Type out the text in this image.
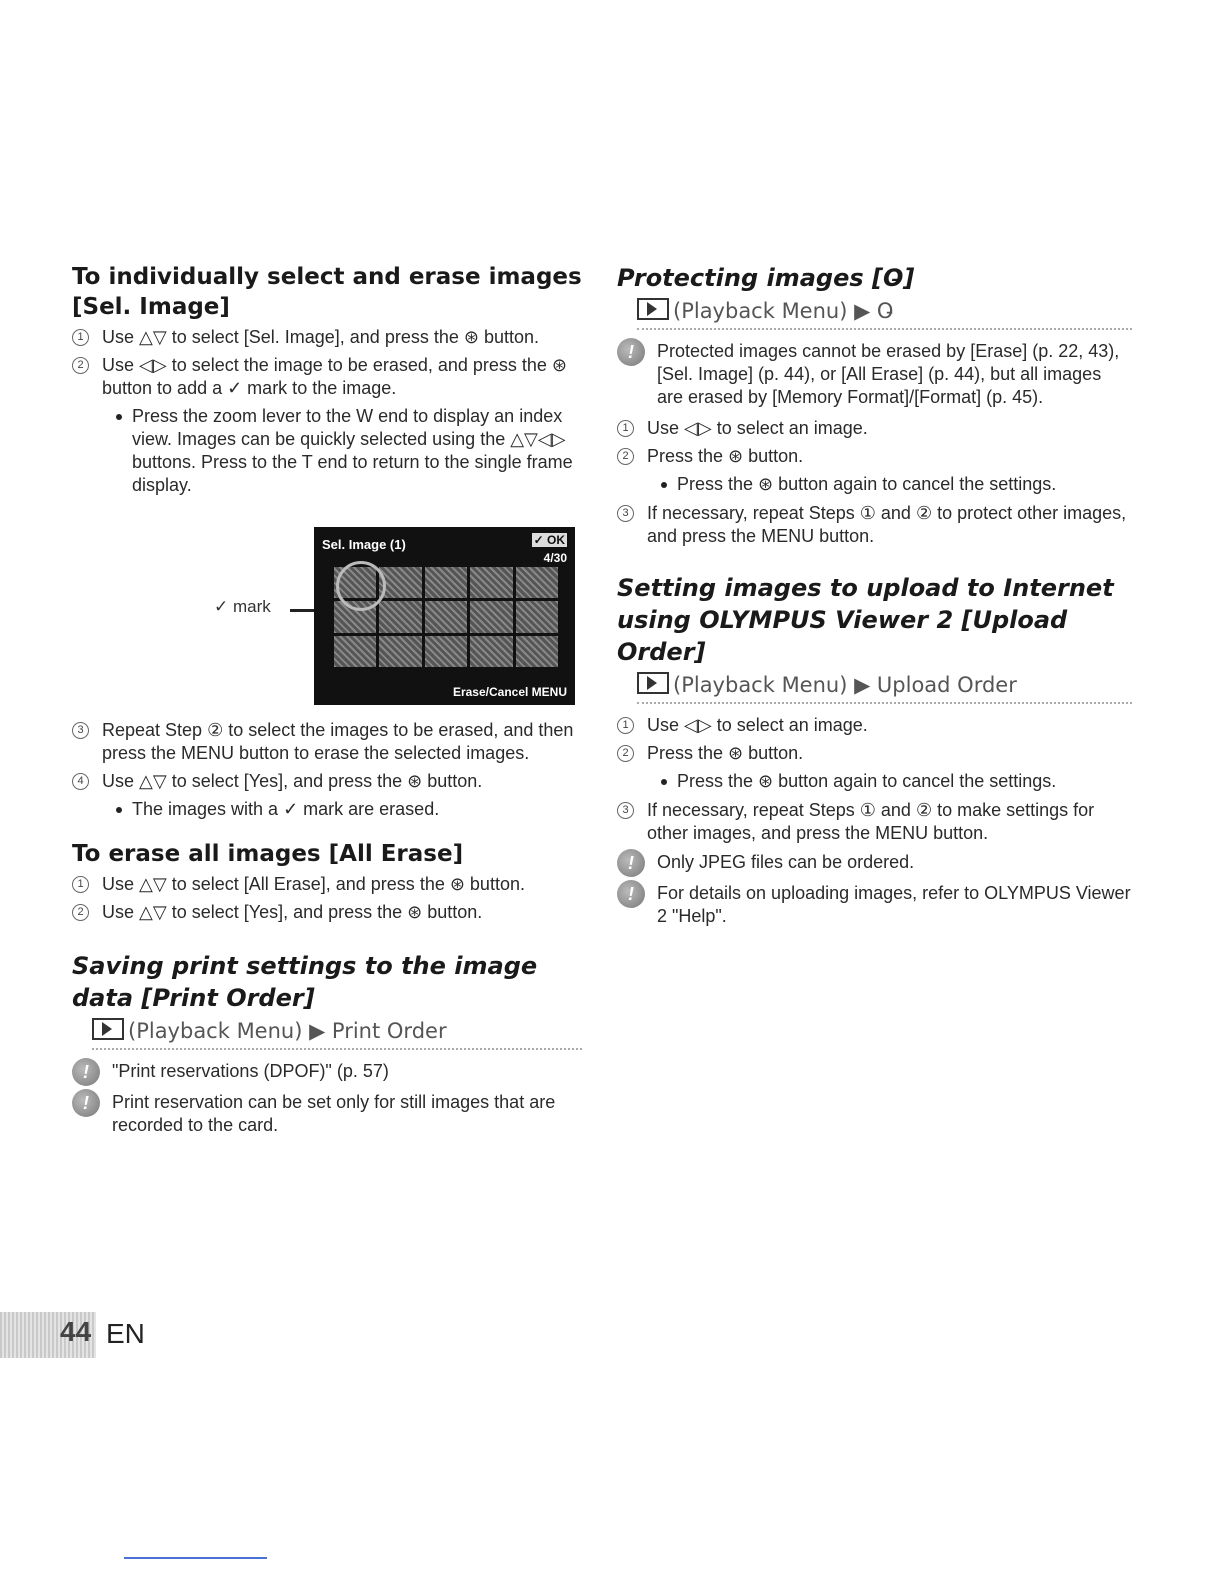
To individually select and erase images [Sel. Image]
1	Use △▽ to select [Sel. Image], and press the ⊛ button.
2	Use ◁▷ to select the image to be erased, and press the ⊛ button to add a ✓ mark to the image.
Press the zoom lever to the W end to display an index view. Images can be quickly selected using the △▽◁▷ buttons. Press to the T end to return to the single frame display.
✓ mark
Sel. Image (1)	✓ OK
4/30
Erase/Cancel MENU
3	Repeat Step ② to select the images to be erased, and then press the MENU button to erase the selected images.
4	Use △▽ to select [Yes], and press the ⊛ button.
The images with a ✓ mark are erased.
To erase all images [All Erase]
1	Use △▽ to select [All Erase], and press the ⊛ button.
2	Use △▽ to select [Yes], and press the ⊛ button.
Saving print settings to the image data [Print Order]
(Playback Menu) ▶ Print Order
!	"Print reservations (DPOF)" (p. 57)
!	Print reservation can be set only for still images that are recorded to the card.
Protecting images [O̵]
(Playback Menu) ▶ O̵
!	Protected images cannot be erased by [Erase] (p. 22, 43), [Sel. Image] (p. 44), or [All Erase] (p. 44), but all images are erased by [Memory Format]/[Format] (p. 45).
1	Use ◁▷ to select an image.
2	Press the ⊛ button.
Press the ⊛ button again to cancel the settings.
3	If necessary, repeat Steps ① and ② to protect other images, and press the MENU button.
Setting images to upload to Internet using OLYMPUS Viewer 2 [Upload Order]
(Playback Menu) ▶ Upload Order
1	Use ◁▷ to select an image.
2	Press the ⊛ button.
Press the ⊛ button again to cancel the settings.
3	If necessary, repeat Steps ① and ② to make settings for other images, and press the MENU button.
!	Only JPEG files can be ordered.
!	For details on uploading images, refer to OLYMPUS Viewer 2 "Help".
44 EN
